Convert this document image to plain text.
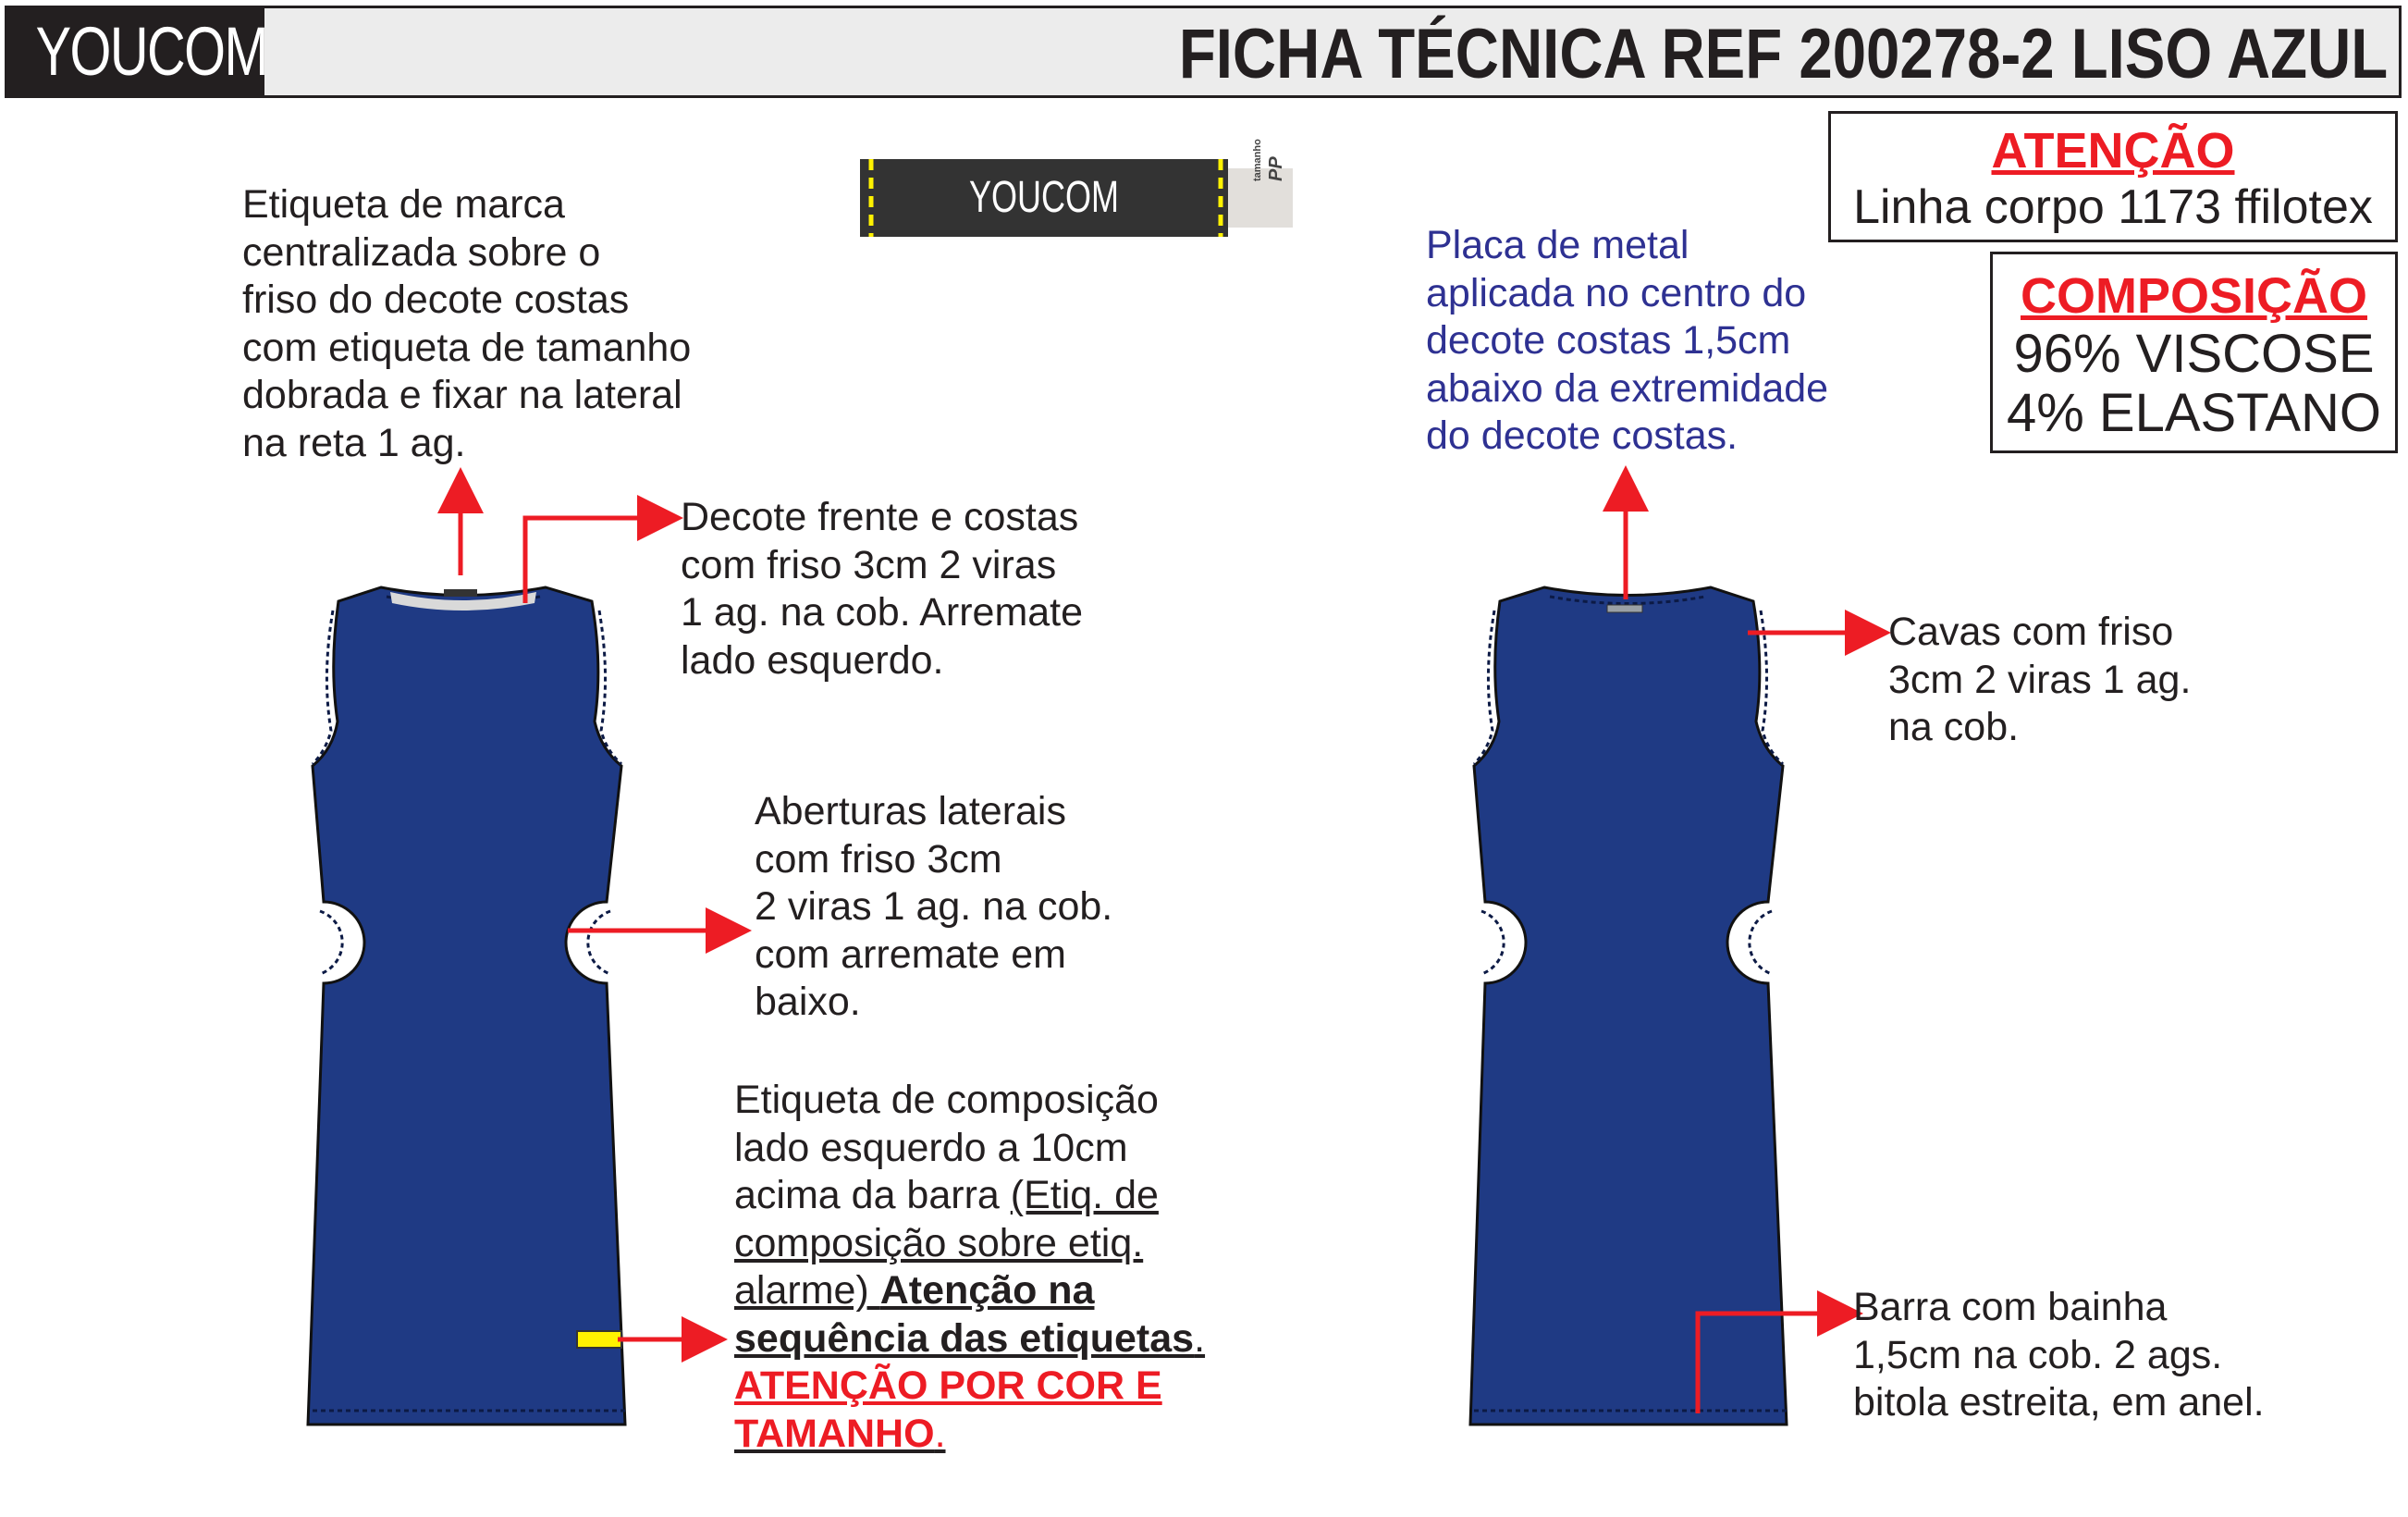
YOUCOM	FICHA TÉCNICA REF 200278-2 LISO AZUL
YOUCOM
tamanho PP	ATENÇÃO
Linha corpo 1173 ffilotex
COMPOSIÇÃO
96% VISCOSE
4% ELASTANO
Etiqueta de marca
centralizada sobre o
friso do decote costas
com etiqueta de tamanho
dobrada e fixar na lateral
na reta 1 ag.
Decote frente e costas
com friso 3cm 2 viras
1 ag. na cob. Arremate
lado esquerdo.
Aberturas laterais
com friso 3cm
2 viras 1 ag. na cob.
com arremate em
baixo.
Etiqueta de composição
lado esquerdo a 10cm
acima da barra (Etiq. de
composição sobre etiq.
alarme) Atenção na
sequência das etiquetas.
ATENÇÃO POR COR E
TAMANHO.
Placa de metal
aplicada no centro do
decote costas 1,5cm
abaixo da extremidade
do decote costas.
Cavas com friso
3cm 2 viras 1 ag.
na cob.
Barra com bainha
1,5cm na cob. 2 ags.
bitola estreita, em anel.
